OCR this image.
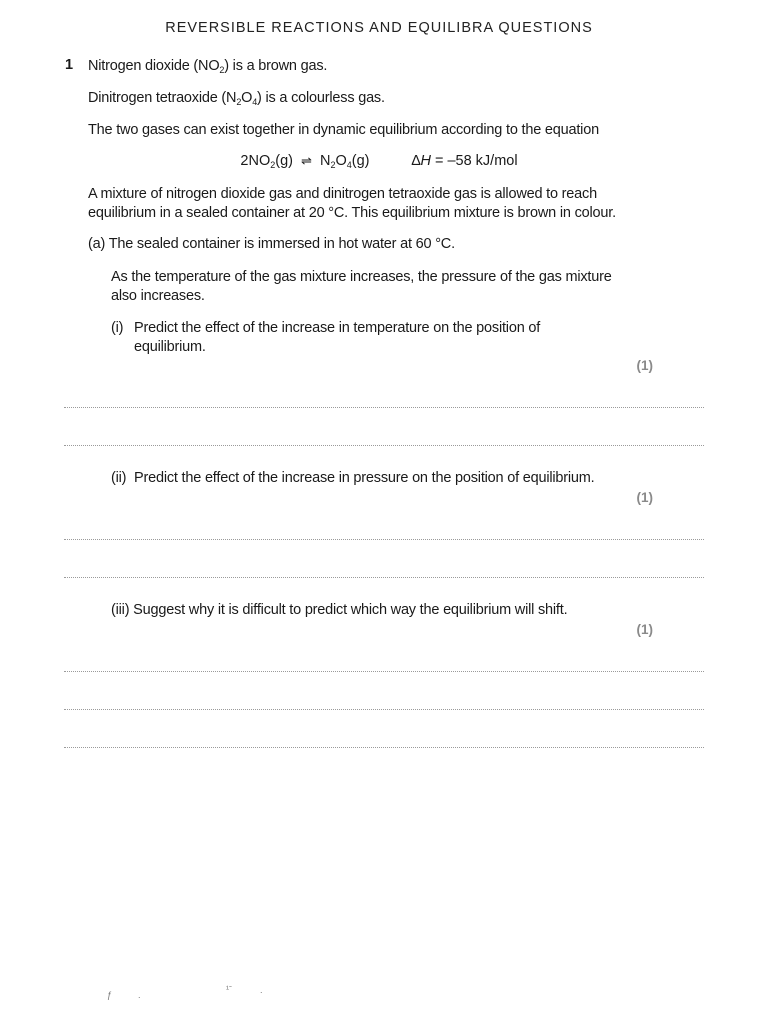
REVERSIBLE REACTIONS AND EQUILIBRA QUESTIONS
1 Nitrogen dioxide $(NO_2)$ is a brown gas.
Dinitrogen tetraoxide $(N_2O_4)$ is a colourless gas.
The two gases can exist together in dynamic equilibrium according to the equation
$2NO_2(g)$ ⇌ $N_2O_4(g)$	∆H = –58 kJ/mol
A mixture of nitrogen dioxide gas and dinitrogen tetraoxide gas is allowed to reach
equilibrium in a sealed container at 20 °C. This equilibrium mixture is brown in colour.
(a) The sealed container is immersed in hot water at 60 °C.
As the temperature of the gas mixture increases, the pressure of the gas mixture
also increases.
(i) Predict the effect of the increase in temperature on the position of
equilibrium.
(1)
(ii) Predict the effect of the increase in pressure on the position of equilibrium.
(1)
(iii) Suggest why it is difficult to predict which way the equilibrium will shift.
(1)
ƒ	.
¹ˉ	.
